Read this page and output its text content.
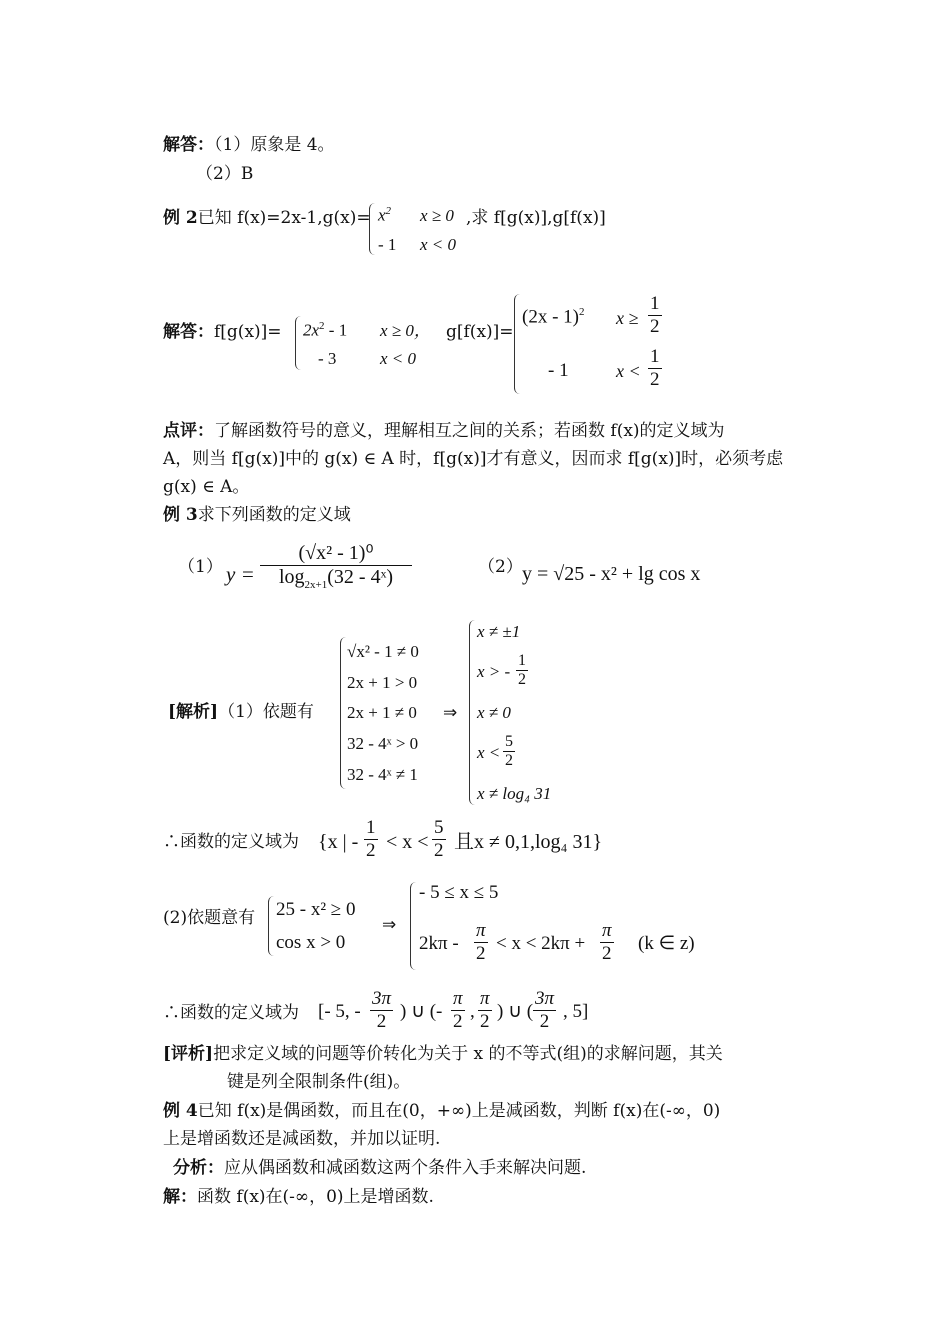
解答：（1）原象是 4。
（2）B
例 2已知 $f(x)=2x-1,g(x)= x^2$ x ≥ 0 ,求 f[g(x)],g[f(x)]
- 1 x < 0
解答：$f[g(x)]= 2x^2 - 1$ x ≥ 0， g[f(x)]=
- 3	x < 0
(2x - 1)$^2$ $x \ge \frac{1}{2}$
- 1	$x < \frac{1}{2}$
点评：了解函数符号的意义，理解相互之间的关系；若函数 f(x)的定义域为
A，则当 f[g(x)]中的 g(x) ∈ A 时，f[g(x)]才有意义，因而求 f[g(x)]时，必须考虑
g(x) ∈ A。
例 3求下列函数的定义域
（1） $y = \frac{\text{(√x² - 1)⁰}}{\log_{2x+1}(32 - 4ˣ)}$	（2） y = √25 - x² + lg cos x
[解析]（1）依题有
√x² - 1 ≠ 0
2x + 1 > 0
2x + 1 ≠ 0
32 - 4ˣ > 0
32 - 4ˣ ≠ 1
⇒
x ≠ ±1
x > - $\frac{1}{2}$
x ≠ 0
$x < \frac{5}{2}$
x ≠ log₄ 31
∴函数的定义域为 {x | - $\frac{1}{2} < x < \frac{5}{2}$ 且x ≠ 0,1,log₄ 31}
(2)依题意有 25 - x² ≥ 0
cos x > 0
⇒
- 5 ≤ x ≤ 5
$2k\pi - \frac{\pi}{2} < x < 2k\pi + \frac{\pi}{2} (k$ ∈ z)
∴函数的定义域为 [- 5, - $\frac{3\pi}{2}$ ) ∪ (- $\frac{\pi}{2}$ , $\frac{\pi}{2}$ ) ∪ ( $\frac{3\pi}{2}$ , 5]
[评析]把求定义域的问题等价转化为关于 x 的不等式(组)的求解问题，其关
键是列全限制条件(组)。
例 4已知 f(x)是偶函数，而且在(0，+∞)上是减函数，判断 f(x)在(-∞，0)
上是增函数还是减函数，并加以证明.
分析：应从偶函数和减函数这两个条件入手来解决问题.
解：函数 f(x)在(-∞，0)上是增函数.
